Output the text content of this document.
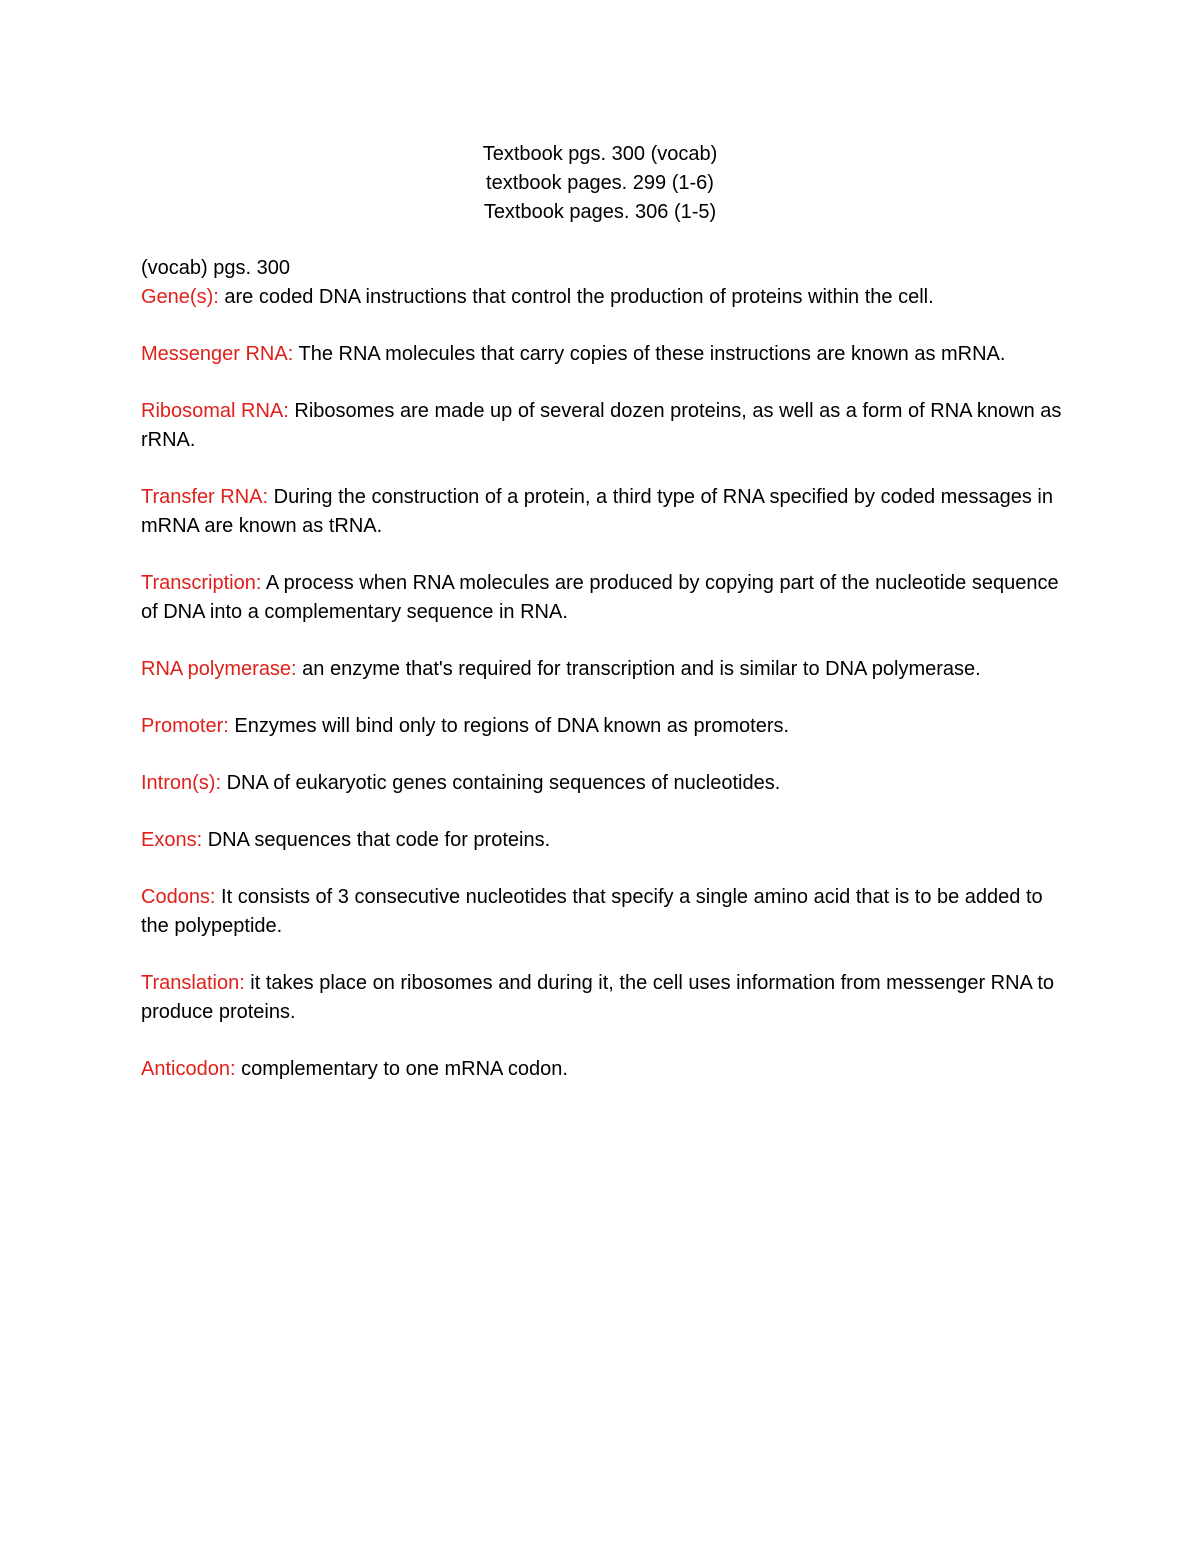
Textbook pgs. 300 (vocab)
textbook pages. 299 (1-6)
Textbook pages. 306 (1-5)
(vocab) pgs. 300
Gene(s): are coded DNA instructions that control the production of proteins within the cell.
Messenger RNA: The RNA molecules that carry copies of these instructions are known as mRNA.
Ribosomal RNA: Ribosomes are made up of several dozen proteins, as well as a form of RNA known as rRNA.
Transfer RNA: During the construction of a protein, a third type of RNA specified by coded messages in mRNA are known as tRNA.
Transcription: A process when RNA molecules are produced by copying part of the nucleotide sequence of DNA into a complementary sequence in RNA.
RNA polymerase: an enzyme that's required for transcription and is similar to DNA polymerase.
Promoter: Enzymes will bind only to regions of DNA known as promoters.
Intron(s): DNA of eukaryotic genes containing sequences of nucleotides.
Exons: DNA sequences that code for proteins.
Codons: It consists of 3 consecutive nucleotides that specify a single amino acid that is to be added to the polypeptide.
Translation: it takes place on ribosomes and during it, the cell uses information from messenger RNA to produce proteins.
Anticodon: complementary to one mRNA codon.
